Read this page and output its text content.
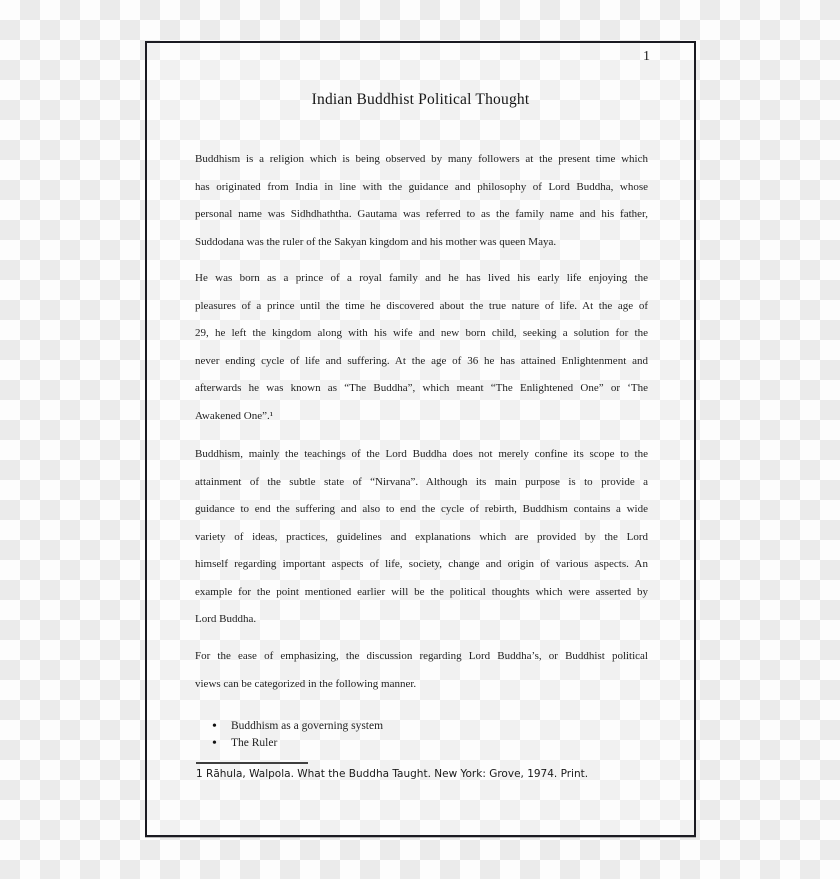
1
Indian Buddhist Political Thought
Buddhism is a religion which is being observed by many followers at the present time which
has originated from India in line with the guidance and philosophy of Lord Buddha, whose
personal name was Sidhdhaththa. Gautama was referred to as the family name and his father,
Suddodana was the ruler of the Sakyan kingdom and his mother was queen Maya.
He was born as a prince of a royal family and he has lived his early life enjoying the
pleasures of a prince until the time he discovered about the true nature of life. At the age of
29, he left the kingdom along with his wife and new born child, seeking a solution for the
never ending cycle of life and suffering. At the age of 36 he has attained Enlightenment and
afterwards he was known as “The Buddha”, which meant “The Enlightened One” or ‘The
Awakened One”.¹
Buddhism, mainly the teachings of the Lord Buddha does not merely confine its scope to the
attainment of the subtle state of “Nirvana”. Although its main purpose is to provide a
guidance to end the suffering and also to end the cycle of rebirth, Buddhism contains a wide
variety of ideas, practices, guidelines and explanations which are provided by the Lord
himself regarding important aspects of life, society, change and origin of various aspects. An
example for the point mentioned earlier will be the political thoughts which were asserted by
Lord Buddha.
For the ease of emphasizing, the discussion regarding Lord Buddha’s, or Buddhist political
views can be categorized in the following manner.
• Buddhism as a governing system
• The Ruler
1 Rāhula, Walpola. What the Buddha Taught. New York: Grove, 1974. Print.
